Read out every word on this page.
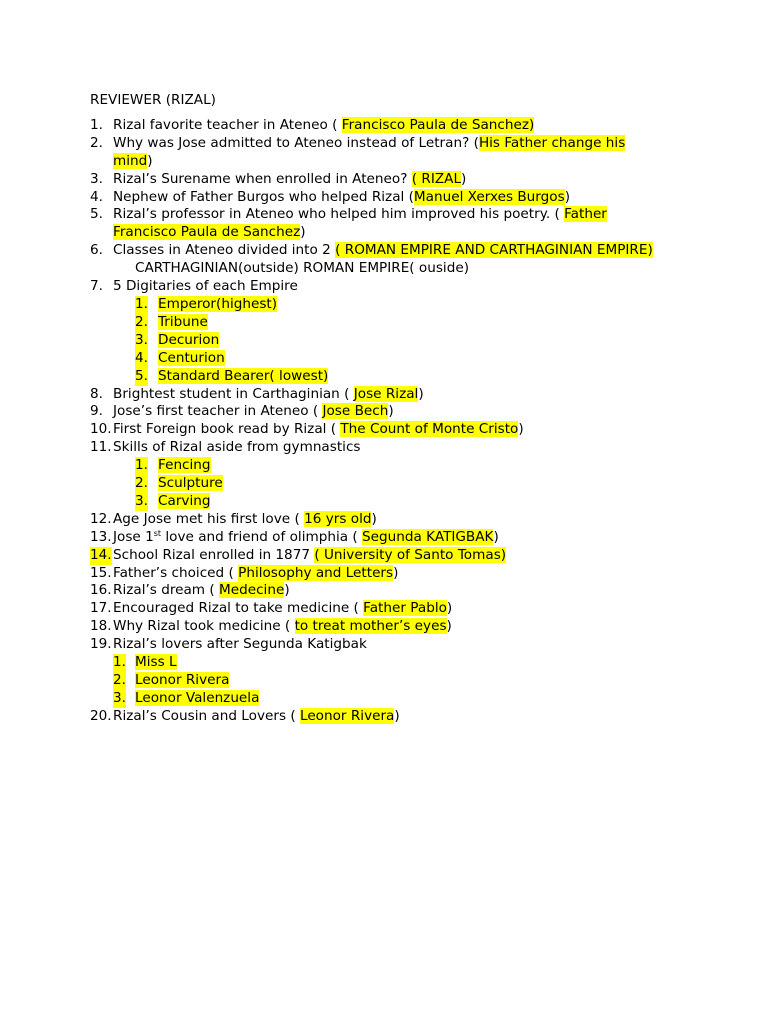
REVIEWER (RIZAL)
1. Rizal favorite teacher in Ateneo ( Francisco Paula de Sanchez)
2. Why was Jose admitted to Ateneo instead of Letran? (His Father change his
mind)
3. Rizal’s Surename when enrolled in Ateneo? ( RIZAL)
4. Nephew of Father Burgos who helped Rizal (Manuel Xerxes Burgos)
5. Rizal’s professor in Ateneo who helped him improved his poetry. ( Father
Francisco Paula de Sanchez)
6. Classes in Ateneo divided into 2 ( ROMAN EMPIRE AND CARTHAGINIAN EMPIRE)
CARTHAGINIAN(outside) ROMAN EMPIRE( ouside)
7. 5 Digitaries of each Empire
1. Emperor(highest)
2. Tribune
3. Decurion
4. Centurion
5. Standard Bearer( lowest)
8. Brightest student in Carthaginian ( Jose Rizal)
9. Jose’s first teacher in Ateneo ( Jose Bech)
10. First Foreign book read by Rizal ( The Count of Monte Cristo)
11. Skills of Rizal aside from gymnastics
1. Fencing
2. Sculpture
3. Carving
12. Age Jose met his first love ( 16 yrs old)
13. Jose 1st love and friend of olimphia ( Segunda KATIGBAK)
14. School Rizal enrolled in 1877 ( University of Santo Tomas)
15. Father’s choiced ( Philosophy and Letters)
16. Rizal’s dream ( Medecine)
17. Encouraged Rizal to take medicine ( Father Pablo)
18. Why Rizal took medicine ( to treat mother’s eyes)
19. Rizal’s lovers after Segunda Katigbak
1. Miss L
2. Leonor Rivera
3. Leonor Valenzuela
20. Rizal’s Cousin and Lovers ( Leonor Rivera)
